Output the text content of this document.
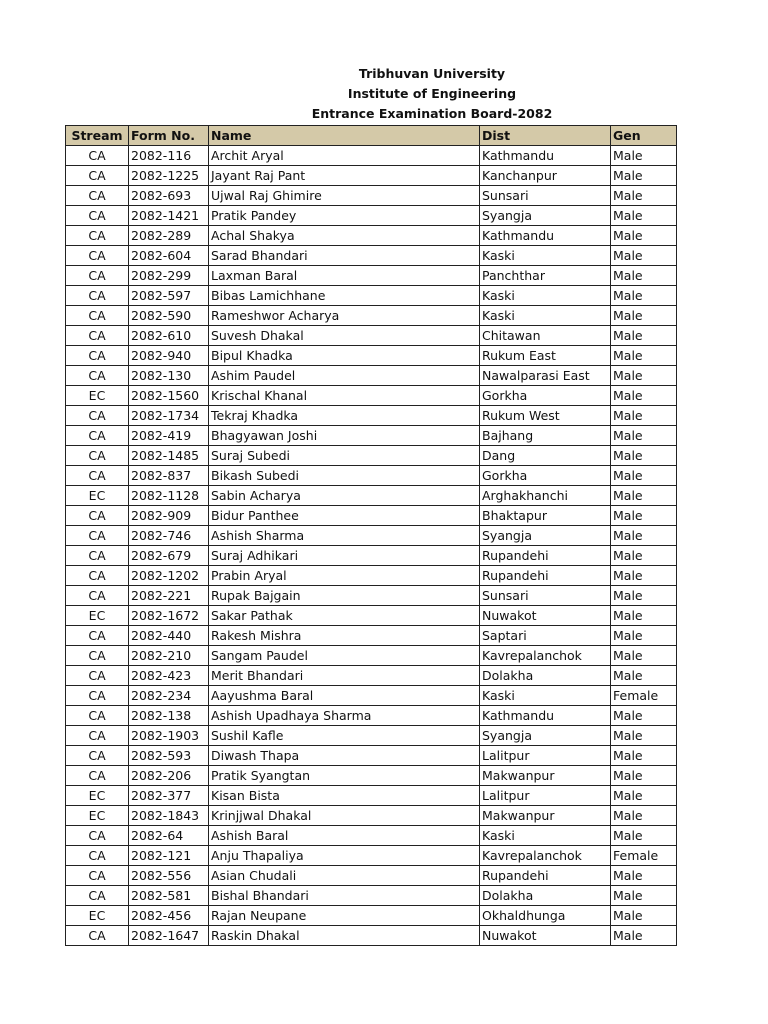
Tribhuvan University
Institute of Engineering
Entrance Examination Board-2082
Stream	Form No.	Name	Dist	Gen
CA	2082-116	Archit Aryal	Kathmandu	Male
CA	2082-1225	Jayant Raj Pant	Kanchanpur	Male
CA	2082-693	Ujwal Raj Ghimire	Sunsari	Male
CA	2082-1421	Pratik Pandey	Syangja	Male
CA	2082-289	Achal Shakya	Kathmandu	Male
CA	2082-604	Sarad Bhandari	Kaski	Male
CA	2082-299	Laxman Baral	Panchthar	Male
CA	2082-597	Bibas Lamichhane	Kaski	Male
CA	2082-590	Rameshwor Acharya	Kaski	Male
CA	2082-610	Suvesh Dhakal	Chitawan	Male
CA	2082-940	Bipul Khadka	Rukum East	Male
CA	2082-130	Ashim Paudel	Nawalparasi East	Male
EC	2082-1560	Krischal Khanal	Gorkha	Male
CA	2082-1734	Tekraj Khadka	Rukum West	Male
CA	2082-419	Bhagyawan Joshi	Bajhang	Male
CA	2082-1485	Suraj Subedi	Dang	Male
CA	2082-837	Bikash Subedi	Gorkha	Male
EC	2082-1128	Sabin Acharya	Arghakhanchi	Male
CA	2082-909	Bidur Panthee	Bhaktapur	Male
CA	2082-746	Ashish Sharma	Syangja	Male
CA	2082-679	Suraj Adhikari	Rupandehi	Male
CA	2082-1202	Prabin Aryal	Rupandehi	Male
CA	2082-221	Rupak Bajgain	Sunsari	Male
EC	2082-1672	Sakar Pathak	Nuwakot	Male
CA	2082-440	Rakesh Mishra	Saptari	Male
CA	2082-210	Sangam Paudel	Kavrepalanchok	Male
CA	2082-423	Merit Bhandari	Dolakha	Male
CA	2082-234	Aayushma Baral	Kaski	Female
CA	2082-138	Ashish Upadhaya Sharma	Kathmandu	Male
CA	2082-1903	Sushil Kafle	Syangja	Male
CA	2082-593	Diwash Thapa	Lalitpur	Male
CA	2082-206	Pratik Syangtan	Makwanpur	Male
EC	2082-377	Kisan Bista	Lalitpur	Male
EC	2082-1843	Krinjjwal Dhakal	Makwanpur	Male
CA	2082-64	Ashish Baral	Kaski	Male
CA	2082-121	Anju Thapaliya	Kavrepalanchok	Female
CA	2082-556	Asian Chudali	Rupandehi	Male
CA	2082-581	Bishal Bhandari	Dolakha	Male
EC	2082-456	Rajan Neupane	Okhaldhunga	Male
CA	2082-1647	Raskin Dhakal	Nuwakot	Male
